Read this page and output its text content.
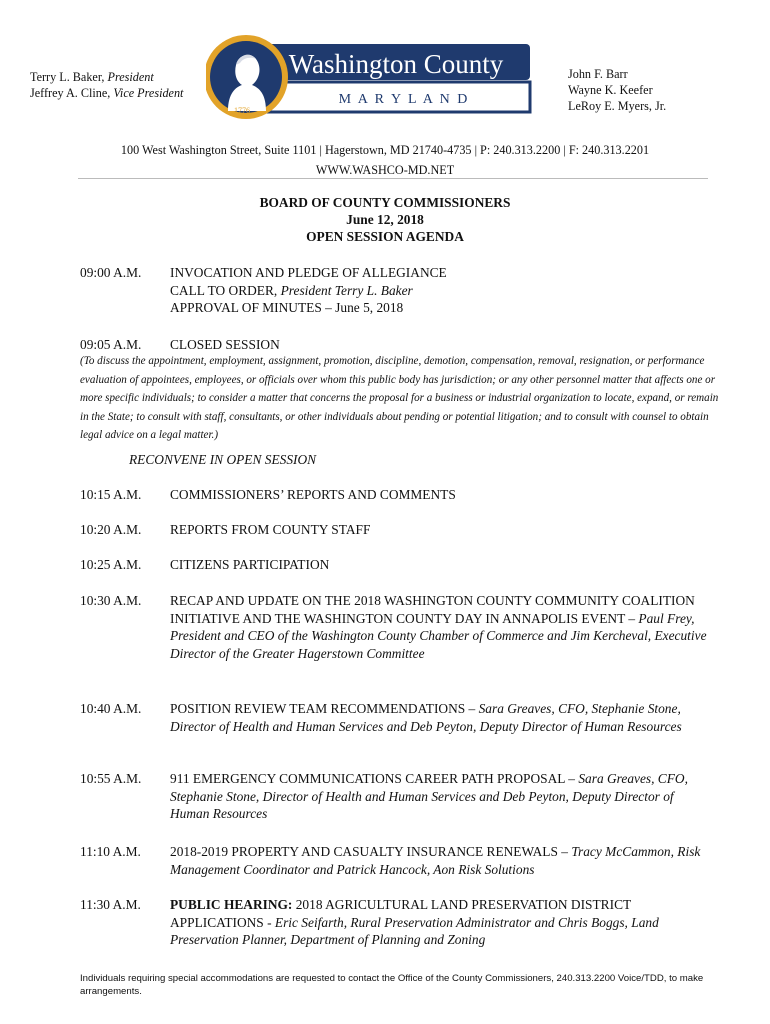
Terry L. Baker, President
Jeffrey A. Cline, Vice President
Washington County
M A R Y L A N D
1776
John F. Barr
Wayne K. Keefer
LeRoy E. Myers, Jr.
100 West Washington Street, Suite 1101 | Hagerstown, MD 21740-4735 | P: 240.313.2200 | F: 240.313.2201
WWW.WASHCO-MD.NET
BOARD OF COUNTY COMMISSIONERS
June 12, 2018
OPEN SESSION AGENDA
09:00 A.M.	INVOCATION AND PLEDGE OF ALLEGIANCE
CALL TO ORDER, President Terry L. Baker
APPROVAL OF MINUTES – June 5, 2018
09:05 A.M.	CLOSED SESSION
(To discuss the appointment, employment, assignment, promotion, discipline, demotion, compensation, removal, resignation, or performance evaluation of appointees, employees, or officials over whom this public body has jurisdiction; or any other personnel matter that affects one or more specific individuals; to consider a matter that concerns the proposal for a business or industrial organization to locate, expand, or remain in the State; to consult with staff, consultants, or other individuals about pending or potential litigation; and to consult with counsel to obtain legal advice on a legal matter.)
RECONVENE IN OPEN SESSION
10:15 A.M.	COMMISSIONERS’ REPORTS AND COMMENTS
10:20 A.M.	REPORTS FROM COUNTY STAFF
10:25 A.M.	CITIZENS PARTICIPATION
10:30 A.M.	RECAP AND UPDATE ON THE 2018 WASHINGTON COUNTY COMMUNITY COALITION INITIATIVE AND THE WASHINGTON COUNTY DAY IN ANNAPOLIS EVENT – Paul Frey, President and CEO of the Washington County Chamber of Commerce and Jim Kercheval, Executive Director of the Greater Hagerstown Committee
10:40 A.M.	POSITION REVIEW TEAM RECOMMENDATIONS – Sara Greaves, CFO, Stephanie Stone, Director of Health and Human Services and Deb Peyton, Deputy Director of Human Resources
10:55 A.M.	911 EMERGENCY COMMUNICATIONS CAREER PATH PROPOSAL – Sara Greaves, CFO, Stephanie Stone, Director of Health and Human Services and Deb Peyton, Deputy Director of Human Resources
11:10 A.M.	2018-2019 PROPERTY AND CASUALTY INSURANCE RENEWALS – Tracy McCammon, Risk Management Coordinator and Patrick Hancock, Aon Risk Solutions
11:30 A.M.	PUBLIC HEARING: 2018 AGRICULTURAL LAND PRESERVATION DISTRICT APPLICATIONS - Eric Seifarth, Rural Preservation Administrator and Chris Boggs, Land Preservation Planner, Department of Planning and Zoning
Individuals requiring special accommodations are requested to contact the Office of the County Commissioners, 240.313.2200 Voice/TDD, to make arrangements.
